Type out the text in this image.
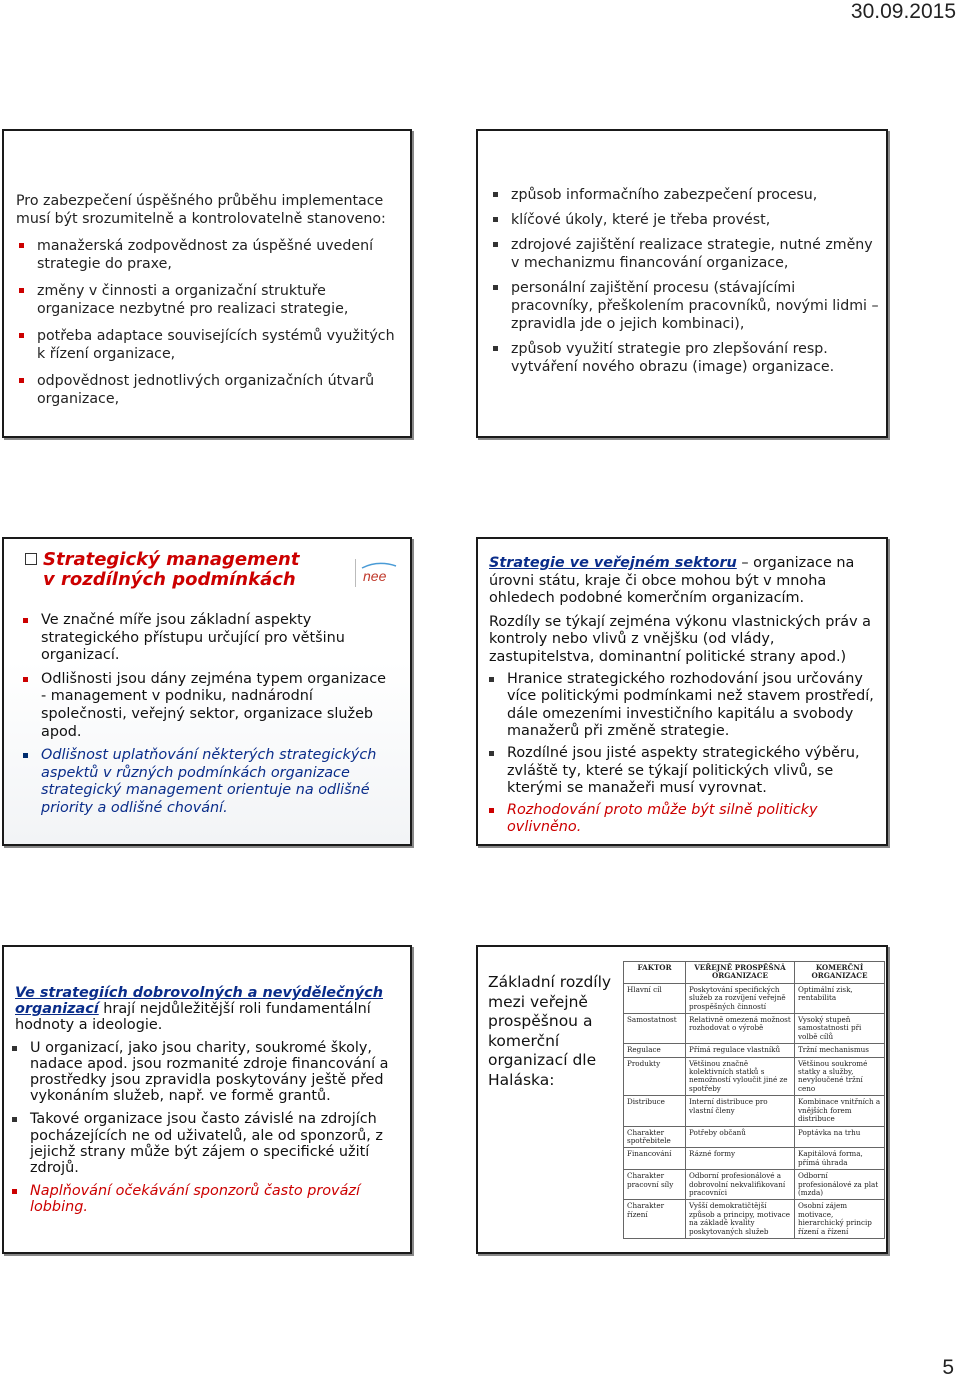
30.09.2015
Pro zabezpečení úspěšného průběhu implementace musí být srozumitelně a kontrolovatelně stanoveno:
manažerská zodpovědnost za úspěšné uvedení strategie do praxe,
změny v činnosti a organizační struktuře organizace nezbytné pro realizaci strategie,
potřeba adaptace souvisejících systémů využitých k řízení organizace,
odpovědnost jednotlivých organizačních útvarů organizace,
způsob informačního zabezpečení procesu,
klíčové úkoly, které je třeba provést,
zdrojové zajištění realizace strategie, nutné změny v mechanizmu financování organizace,
personální zajištění procesu (stávajícími pracovníky, přeškolením pracovníků, novými lidmi – zpravidla jde o jejich kombinaci),
způsob využití strategie pro zlepšování resp. vytváření nového obrazu (image) organizace.
Strategický management v rozdílných podmínkách	nee
Ve značné míře jsou základní aspekty strategického přístupu určující pro většinu organizací.
Odlišnosti jsou dány zejména typem organizace - management v podniku, nadnárodní společnosti, veřejný sektor, organizace služeb apod.
Odlišnost uplatňování některých strategických aspektů v různých podmínkách organizace strategický management orientuje na odlišné priority a odlišné chování.
Strategie ve veřejném sektoru – organizace na úrovni státu, kraje či obce mohou být v mnoha ohledech podobné komerčním organizacím.
Rozdíly se týkají zejména výkonu vlastnických práv a kontroly nebo vlivů z vnějšku (od vlády, zastupitelstva, dominantní politické strany apod.)
Hranice strategického rozhodování jsou určovány více politickými podmínkami než stavem prostředí, dále omezeními investičního kapitálu a svobody manažerů při změně strategie.
Rozdílné jsou jisté aspekty strategického výběru, zvláště ty, které se týkají politických vlivů, se kterými se manažeři musí vyrovnat.
Rozhodování proto může být silně politicky ovlivněno.
Ve strategiích dobrovolných a nevýdělečných organizací hrají nejdůležitější roli fundamentální hodnoty a ideologie.
U organizací, jako jsou charity, soukromé školy, nadace apod. jsou rozmanité zdroje financování a prostředky jsou zpravidla poskytovány ještě před vykonáním služeb, např. ve formě grantů.
Takové organizace jsou často závislé na zdrojích pocházejících ne od uživatelů, ale od sponzorů, z jejichž strany může být zájem o specifické užití zdrojů.
Naplňování očekávání sponzorů často provází lobbing.
Základní rozdíly mezi veřejně prospěšnou a komerční organizací dle Haláska:
FAKTOR	VEŘEJNĚ PROSPĚŠNÁ ORGANIZACE	KOMERČNÍ ORGANIZACE
Hlavní cíl	Poskytování specifických služeb za rozvíjení veřejně prospěšných činností	Optimální zisk, rentabilita
Samostatnost	Relativně omezená možnost rozhodovat o výrobě	Vysoký stupeň samostatnosti při volbě cílů
Regulace	Přímá regulace vlastníků	Tržní mechanismus
Produkty	Většinou značně kolektivních statků s nemožností vyloučit jiné ze spotřeby	Většinou soukromé statky a služby, nevyloučené tržní ceno
Distribuce	Interní distribuce pro vlastní členy	Kombinace vnitřních a vnějších forem distribuce
Charakter spotřebitele	Potřeby občanů	Poptávka na trhu
Financování	Rázné formy	Kapitálová forma, přímá úhrada
Charakter pracovní síly	Odborní profesionálové a dobrovolní nekvalifikovaní pracovníci	Odborní profesionálové za plat (mzda)
Charakter řízení	Vyšší demokratičtější způsob a principy, motivace na základě kvality poskytovaných služeb	Osobní zájem motivace, hierarchický princip řízení a řízení
5
